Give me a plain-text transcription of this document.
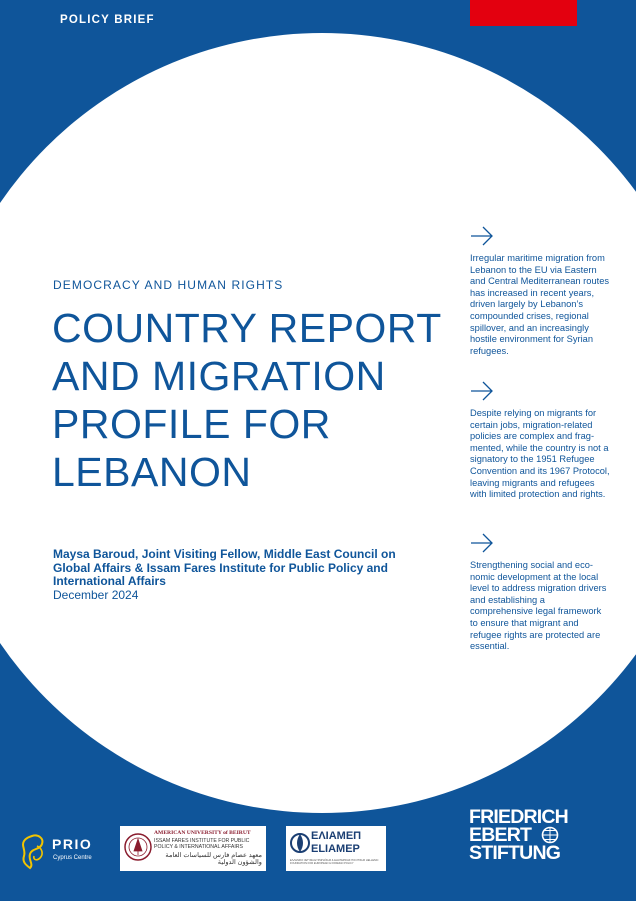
POLICY BRIEF
DEMOCRACY AND HUMAN RIGHTS
COUNTRY REPORT
AND MIGRATION
PROFILE FOR
LEBANON
Maysa Baroud, Joint Visiting Fellow, Middle East Council on Global Affairs & Issam Fares Institute for Public Policy and International Affairs
December 2024

Irregular maritime migration from Lebanon to the EU via Eastern and Central Mediterranean routes has increased in recent years, driven largely by Lebanon’s compounded crises, regional spillover, and an increasingly hostile environment for Syrian refugees.

Despite relying on migrants for certain jobs, migration-related policies are complex and fragmented, while the country is not a signatory to the 1951 Refugee Convention and its 1967 Protocol, leaving migrants and refugees with limited protection and rights.

Strengthening social and economic development at the local level to address migration drivers and establishing a comprehensive legal framework to ensure that migrant and refugee rights are protected are essential.

PRIO
Cyprus Centre
AMERICAN UNIVERSITY of BEIRUT
ISSAM FARES INSTITUTE FOR PUBLIC
POLICY & INTERNATIONAL AFFAIRS
معهد عصام فارس للسياسات العامة
والشؤون الدولية
ΕΛΙΑΜΕΠ
ELIAMEP
ΕΛΛΗΝΙΚΟ ΙΔΡΥΜΑ ΕΥΡΩΠΑΪΚΗΣ & ΕΞΩΤΕΡΙΚΗΣ ΠΟΛΙΤΙΚΗΣ HELLENIC FOUNDATION FOR EUROPEAN & FOREIGN POLICY
FRIEDRICH
EBERT
STIFTUNG
